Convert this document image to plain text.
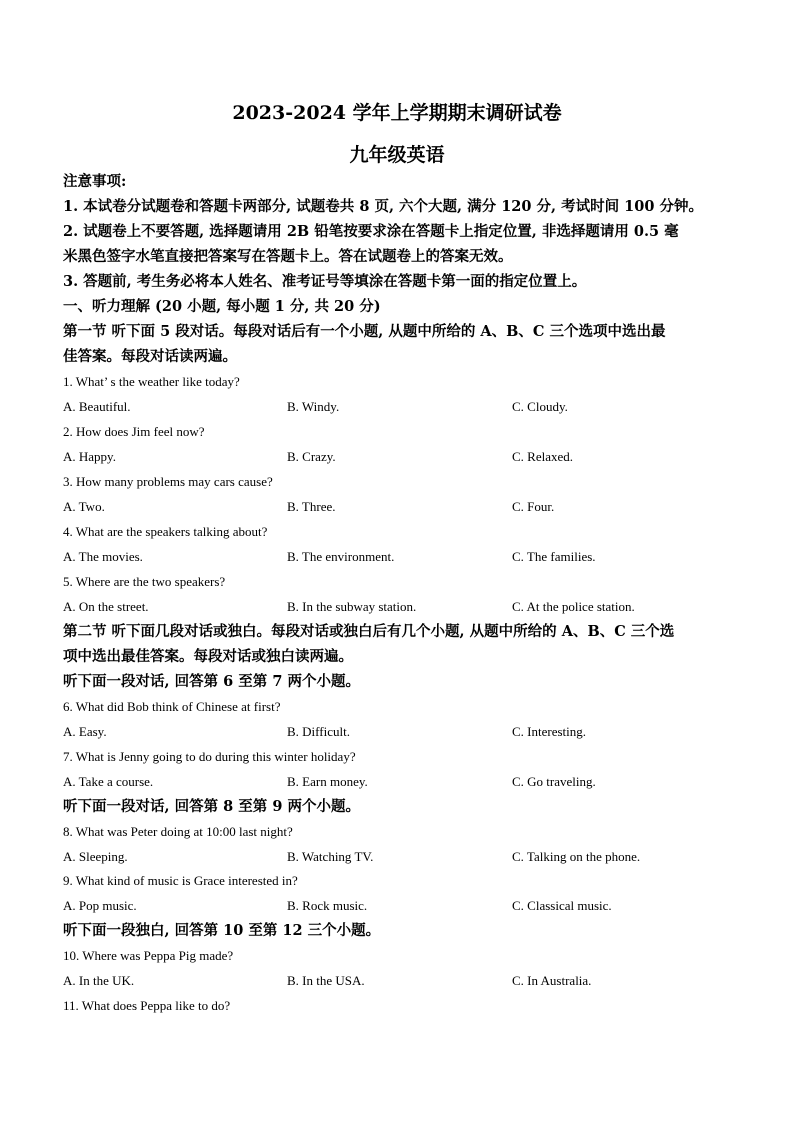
2023-2024 学年上学期期末调研试卷
九年级英语
注意事项:
1. 本试卷分试题卷和答题卡两部分, 试题卷共 8 页, 六个大题, 满分 120 分, 考试时间 100 分钟。
2. 试题卷上不要答题, 选择题请用 2B 铅笔按要求涂在答题卡上指定位置, 非选择题请用 0.5 毫
米黑色签字水笔直接把答案写在答题卡上。答在试题卷上的答案无效。
3. 答题前, 考生务必将本人姓名、准考证号等填涂在答题卡第一面的指定位置上。
一、听力理解 (20 小题, 每小题 1 分, 共 20 分)
第一节 听下面 5 段对话。每段对话后有一个小题, 从题中所给的 A、B、C 三个选项中选出最
佳答案。每段对话读两遍。
1. What’ s the weather like today?
A. Beautiful.	B. Windy.	C. Cloudy.
2. How does Jim feel now?
A. Happy.	B. Crazy.	C. Relaxed.
3. How many problems may cars cause?
A. Two.	B. Three.	C. Four.
4. What are the speakers talking about?
A. The movies.	B. The environment.	C. The families.
5. Where are the two speakers?
A. On the street.	B. In the subway station.	C. At the police station.
第二节 听下面几段对话或独白。每段对话或独白后有几个小题, 从题中所给的 A、B、C 三个选
项中选出最佳答案。每段对话或独白读两遍。
听下面一段对话, 回答第 6 至第 7 两个小题。
6. What did Bob think of Chinese at first?
A. Easy.	B. Difficult.	C. Interesting.
7. What is Jenny going to do during this winter holiday?
A. Take a course.	B. Earn money.	C. Go traveling.
听下面一段对话, 回答第 8 至第 9 两个小题。
8. What was Peter doing at 10:00 last night?
A. Sleeping.	B. Watching TV.	C. Talking on the phone.
9. What kind of music is Grace interested in?
A. Pop music.	B. Rock music.	C. Classical music.
听下面一段独白, 回答第 10 至第 12 三个小题。
10. Where was Peppa Pig made?
A. In the UK.	B. In the USA.	C. In Australia.
11. What does Peppa like to do?
